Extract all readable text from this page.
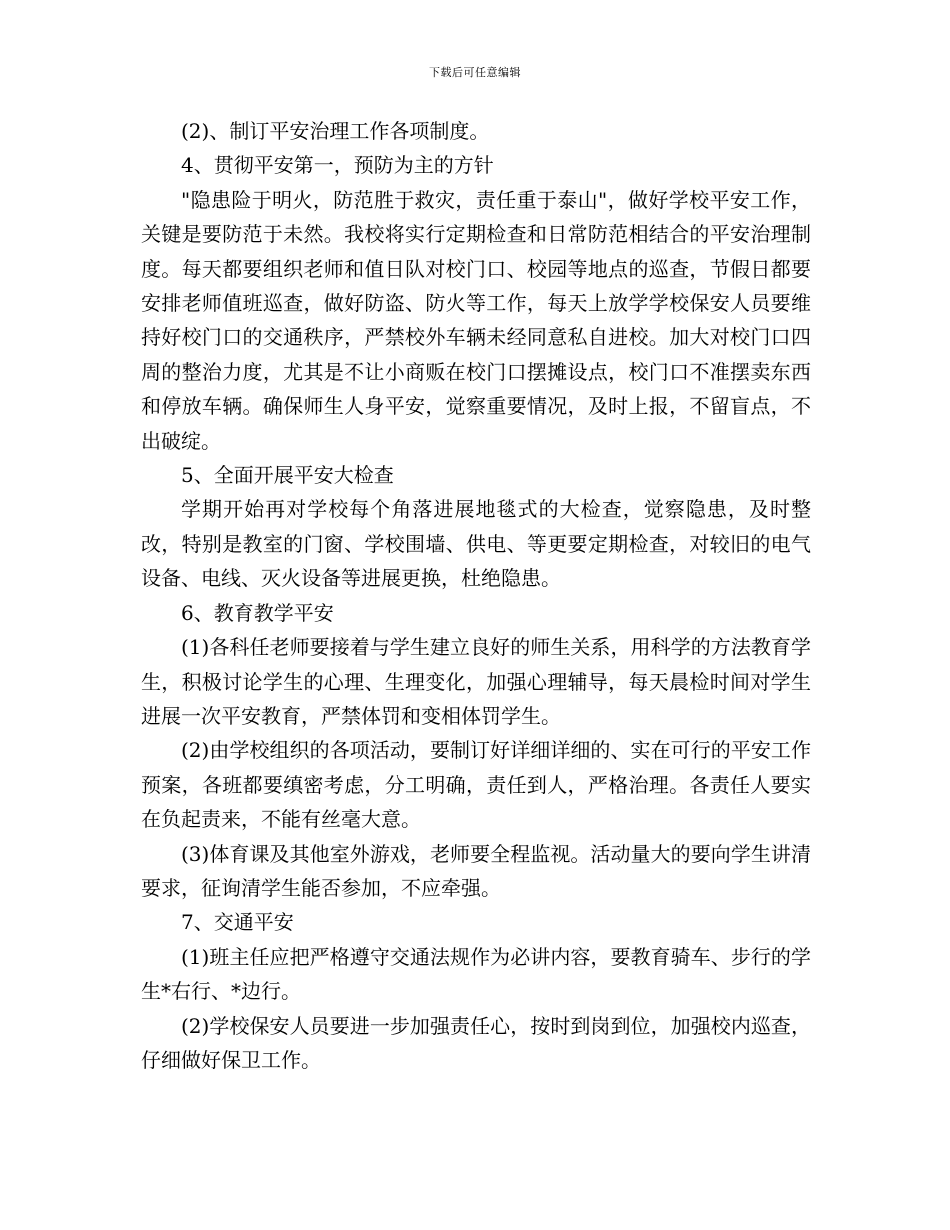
下载后可任意编辑

(2)、制订平安治理工作各项制度。

4、贯彻平安第一，预防为主的方针

"隐患险于明火，防范胜于救灾，责任重于泰山"，做好学校平安工作，关键是要防范于未然。我校将实行定期检查和日常防范相结合的平安治理制度。每天都要组织老师和值日队对校门口、校园等地点的巡查，节假日都要安排老师值班巡查，做好防盗、防火等工作，每天上放学学校保安人员要维持好校门口的交通秩序，严禁校外车辆未经同意私自进校。加大对校门口四周的整治力度，尤其是不让小商贩在校门口摆摊设点，校门口不准摆卖东西和停放车辆。确保师生人身平安，觉察重要情况，及时上报，不留盲点，不出破绽。

5、全面开展平安大检查

学期开始再对学校每个角落进展地毯式的大检查，觉察隐患，及时整改，特别是教室的门窗、学校围墙、供电、等更要定期检查，对较旧的电气设备、电线、灭火设备等进展更换，杜绝隐患。

6、教育教学平安

(1)各科任老师要接着与学生建立良好的师生关系，用科学的方法教育学生，积极讨论学生的心理、生理变化，加强心理辅导，每天晨检时间对学生进展一次平安教育，严禁体罚和变相体罚学生。

(2)由学校组织的各项活动，要制订好详细详细的、实在可行的平安工作预案，各班都要缜密考虑，分工明确，责任到人，严格治理。各责任人要实在负起责来，不能有丝毫大意。

(3)体育课及其他室外游戏，老师要全程监视。活动量大的要向学生讲清要求，征询清学生能否参加，不应牵强。

7、交通平安

(1)班主任应把严格遵守交通法规作为必讲内容，要教育骑车、步行的学生*右行、*边行。

(2)学校保安人员要进一步加强责任心，按时到岗到位，加强校内巡查，仔细做好保卫工作。
